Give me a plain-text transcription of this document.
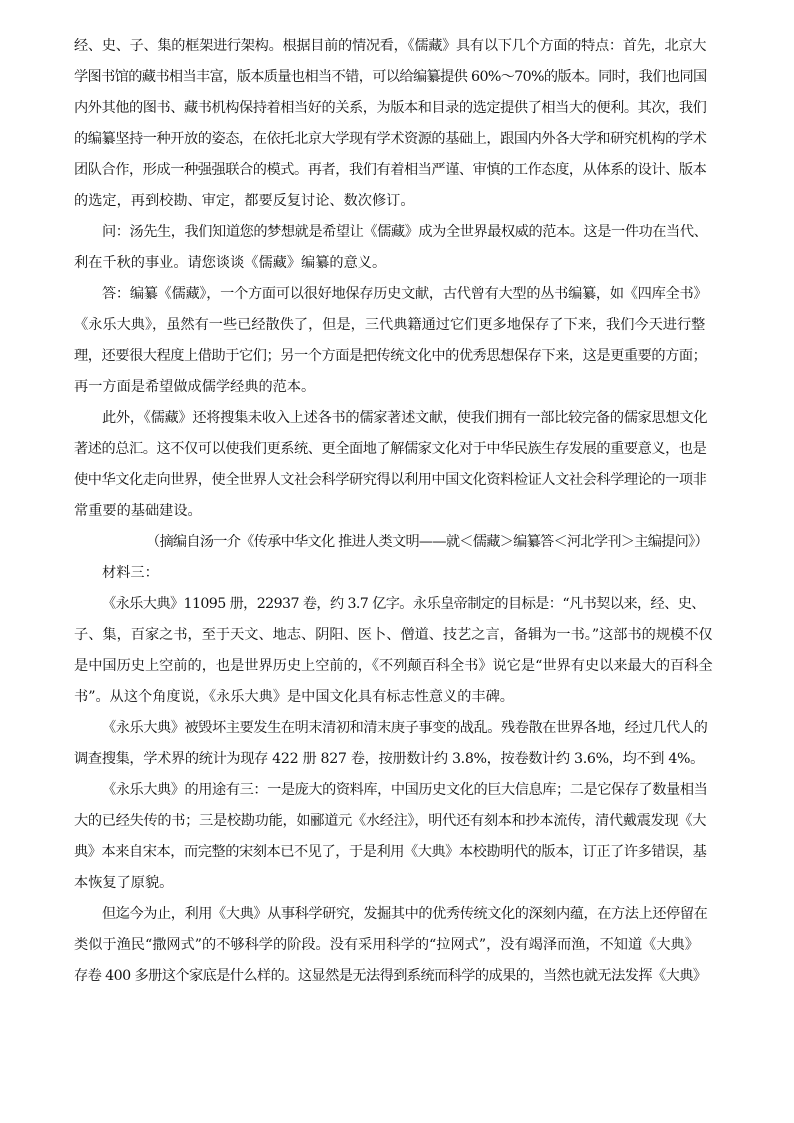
经、史、子、集的框架进行架构。根据目前的情况看，《儒藏》具有以下几个方面的特点：首先，北京大
学图书馆的藏书相当丰富，版本质量也相当不错，可以给编纂提供 60%～70%的版本。同时，我们也同国
内外其他的图书、藏书机构保持着相当好的关系，为版本和目录的选定提供了相当大的便利。其次，我们
的编纂坚持一种开放的姿态，在依托北京大学现有学术资源的基础上，跟国内外各大学和研究机构的学术
团队合作，形成一种强强联合的模式。再者，我们有着相当严谨、审慎的工作态度，从体系的设计、版本
的选定，再到校勘、审定，都要反复讨论、数次修订。
问：汤先生，我们知道您的梦想就是希望让《儒藏》成为全世界最权威的范本。这是一件功在当代、
利在千秋的事业。请您谈谈《儒藏》编纂的意义。
答：编纂《儒藏》，一个方面可以很好地保存历史文献，古代曾有大型的丛书编纂，如《四库全书》
《永乐大典》，虽然有一些已经散佚了，但是，三代典籍通过它们更多地保存了下来，我们今天进行整
理，还要很大程度上借助于它们；另一个方面是把传统文化中的优秀思想保存下来，这是更重要的方面；
再一方面是希望做成儒学经典的范本。
此外，《儒藏》还将搜集未收入上述各书的儒家著述文献，使我们拥有一部比较完备的儒家思想文化
著述的总汇。这不仅可以使我们更系统、更全面地了解儒家文化对于中华民族生存发展的重要意义，也是
使中华文化走向世界，使全世界人文社会科学研究得以利用中国文化资料检证人文社会科学理论的一项非
常重要的基础建设。
（摘编自汤一介《传承中华文化 推进人类文明——就＜儒藏＞编纂答＜河北学刊＞主编提问》）
材料三：
《永乐大典》11095 册，22937 卷，约 3.7 亿字。永乐皇帝制定的目标是：“凡书契以来，经、史、
子、集，百家之书，至于天文、地志、阴阳、医卜、僧道、技艺之言，备辑为一书。”这部书的规模不仅
是中国历史上空前的，也是世界历史上空前的，《不列颠百科全书》说它是“世界有史以来最大的百科全
书”。从这个角度说，《永乐大典》是中国文化具有标志性意义的丰碑。
《永乐大典》被毁坏主要发生在明末清初和清末庚子事变的战乱。残卷散在世界各地，经过几代人的
调查搜集，学术界的统计为现存 422 册 827 卷，按册数计约 3.8%，按卷数计约 3.6%，均不到 4%。
《永乐大典》的用途有三：一是庞大的资料库，中国历史文化的巨大信息库；二是它保存了数量相当
大的已经失传的书；三是校勘功能，如郦道元《水经注》，明代还有刻本和抄本流传，清代戴震发现《大
典》本来自宋本，而完整的宋刻本已不见了，于是利用《大典》本校勘明代的版本，订正了许多错误，基
本恢复了原貌。
但迄今为止，利用《大典》从事科学研究，发掘其中的优秀传统文化的深刻内蕴，在方法上还停留在
类似于渔民“撒网式”的不够科学的阶段。没有采用科学的“拉网式”，没有竭泽而渔，不知道《大典》
存卷 400 多册这个家底是什么样的。这显然是无法得到系统而科学的成果的，当然也就无法发挥《大典》
